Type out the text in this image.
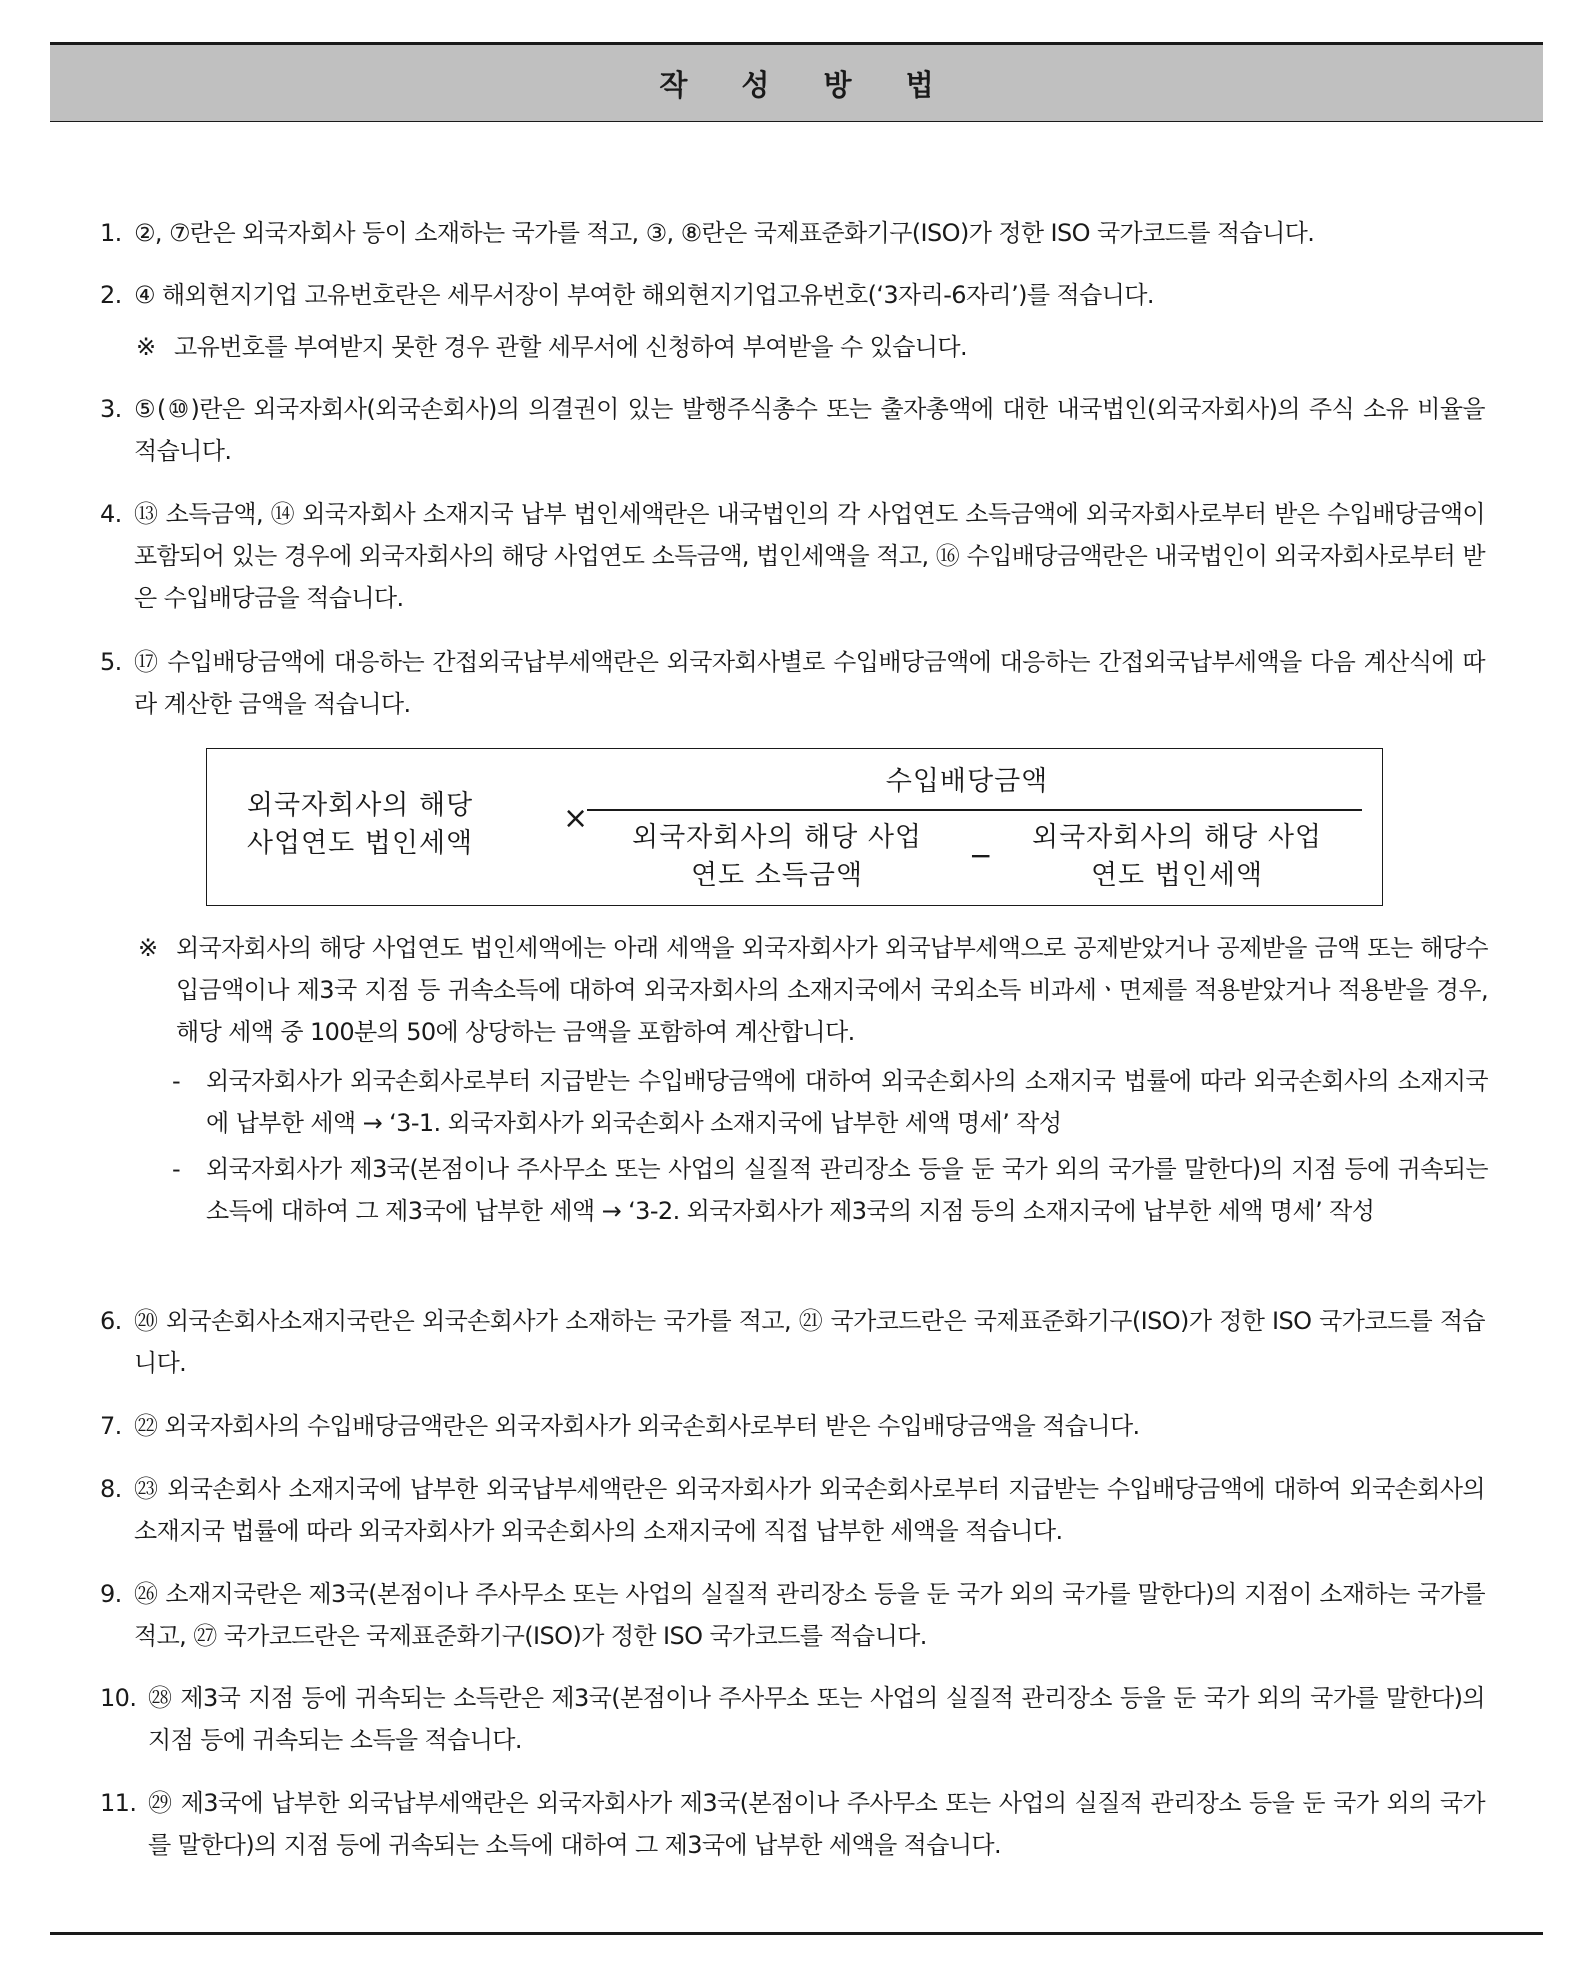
작 성 방 법
1. ②, ⑦란은 외국자회사 등이 소재하는 국가를 적고, ③, ⑧란은 국제표준화기구(ISO)가 정한 ISO 국가코드를 적습니다.
2. ④ 해외현지기업 고유번호란은 세무서장이 부여한 해외현지기업고유번호(‘3자리-6자리’)를 적습니다.
※ 고유번호를 부여받지 못한 경우 관할 세무서에 신청하여 부여받을 수 있습니다.
3. ⑤(⑩)란은 외국자회사(외국손회사)의 의결권이 있는 발행주식총수 또는 출자총액에 대한 내국법인(외국자회사)의 주식 소유 비율을 적습니다.
4. ⑬ 소득금액, ⑭ 외국자회사 소재지국 납부 법인세액란은 내국법인의 각 사업연도 소득금액에 외국자회사로부터 받은 수입배당금액이 포함되어 있는 경우에 외국자회사의 해당 사업연도 소득금액, 법인세액을 적고, ⑯ 수입배당금액란은 내국법인이 외국자회사로부터 받은 수입배당금을 적습니다.
5. ⑰ 수입배당금액에 대응하는 간접외국납부세액란은 외국자회사별로 수입배당금액에 대응하는 간접외국납부세액을 다음 계산식에 따라 계산한 금액을 적습니다.
외국자회사의 해당 사업연도 법인세액
×
수입배당금액
외국자회사의 해당 사업연도 소득금액
−
외국자회사의 해당 사업연도 법인세액
※ 외국자회사의 해당 사업연도 법인세액에는 아래 세액을 외국자회사가 외국납부세액으로 공제받았거나 공제받을 금액 또는 해당수입금액이나 제3국 지점 등 귀속소득에 대하여 외국자회사의 소재지국에서 국외소득 비과세ㆍ면제를 적용받았거나 적용받을 경우, 해당 세액 중 100분의 50에 상당하는 금액을 포함하여 계산합니다.
- 외국자회사가 외국손회사로부터 지급받는 수입배당금액에 대하여 외국손회사의 소재지국 법률에 따라 외국손회사의 소재지국에 납부한 세액 → ‘3-1. 외국자회사가 외국손회사 소재지국에 납부한 세액 명세’ 작성
- 외국자회사가 제3국(본점이나 주사무소 또는 사업의 실질적 관리장소 등을 둔 국가 외의 국가를 말한다)의 지점 등에 귀속되는 소득에 대하여 그 제3국에 납부한 세액 → ‘3-2. 외국자회사가 제3국의 지점 등의 소재지국에 납부한 세액 명세’ 작성
6. ⑳ 외국손회사소재지국란은 외국손회사가 소재하는 국가를 적고, ㉑ 국가코드란은 국제표준화기구(ISO)가 정한 ISO 국가코드를 적습니다.
7. ㉒ 외국자회사의 수입배당금액란은 외국자회사가 외국손회사로부터 받은 수입배당금액을 적습니다.
8. ㉓ 외국손회사 소재지국에 납부한 외국납부세액란은 외국자회사가 외국손회사로부터 지급받는 수입배당금액에 대하여 외국손회사의 소재지국 법률에 따라 외국자회사가 외국손회사의 소재지국에 직접 납부한 세액을 적습니다.
9. ㉖ 소재지국란은 제3국(본점이나 주사무소 또는 사업의 실질적 관리장소 등을 둔 국가 외의 국가를 말한다)의 지점이 소재하는 국가를 적고, ㉗ 국가코드란은 국제표준화기구(ISO)가 정한 ISO 국가코드를 적습니다.
10. ㉘ 제3국 지점 등에 귀속되는 소득란은 제3국(본점이나 주사무소 또는 사업의 실질적 관리장소 등을 둔 국가 외의 국가를 말한다)의 지점 등에 귀속되는 소득을 적습니다.
11. ㉙ 제3국에 납부한 외국납부세액란은 외국자회사가 제3국(본점이나 주사무소 또는 사업의 실질적 관리장소 등을 둔 국가 외의 국가를 말한다)의 지점 등에 귀속되는 소득에 대하여 그 제3국에 납부한 세액을 적습니다.
